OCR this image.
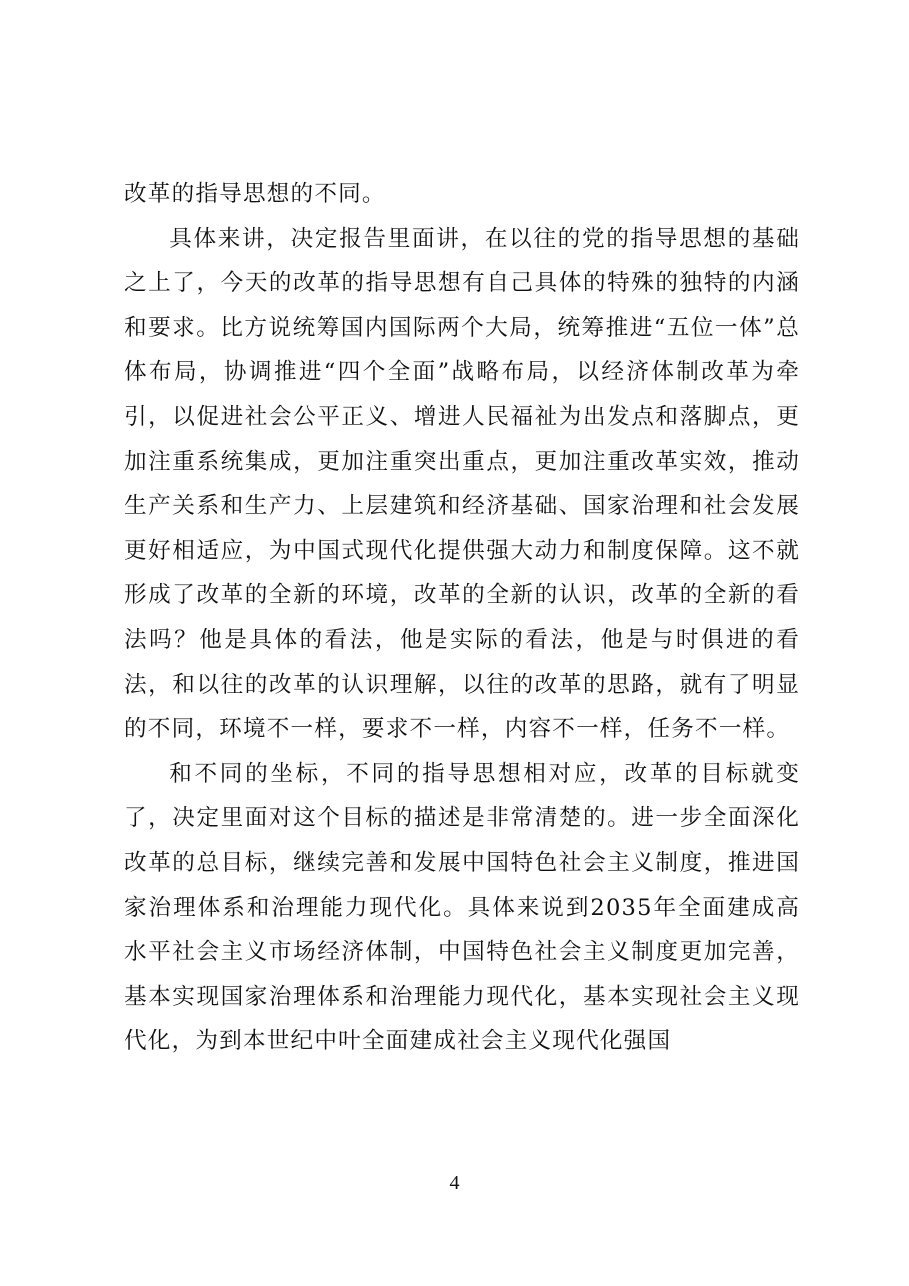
改革的指导思想的不同。

具体来讲，决定报告里面讲，在以往的党的指导思想的基础之上了，今天的改革的指导思想有自己具体的特殊的独特的内涵和要求。比方说统筹国内国际两个大局，统筹推进“五位一体”总体布局，协调推进“四个全面”战略布局，以经济体制改革为牵引，以促进社会公平正义、增进人民福祉为出发点和落脚点，更加注重系统集成，更加注重突出重点，更加注重改革实效，推动生产关系和生产力、上层建筑和经济基础、国家治理和社会发展更好相适应，为中国式现代化提供强大动力和制度保障。这不就形成了改革的全新的环境，改革的全新的认识，改革的全新的看法吗？他是具体的看法，他是实际的看法，他是与时俱进的看法，和以往的改革的认识理解，以往的改革的思路，就有了明显的不同，环境不一样，要求不一样，内容不一样，任务不一样。

和不同的坐标，不同的指导思想相对应，改革的目标就变了，决定里面对这个目标的描述是非常清楚的。进一步全面深化改革的总目标，继续完善和发展中国特色社会主义制度，推进国家治理体系和治理能力现代化。具体来说到2035年全面建成高水平社会主义市场经济体制，中国特色社会主义制度更加完善，基本实现国家治理体系和治理能力现代化，基本实现社会主义现代化，为到本世纪中叶全面建成社会主义现代化强国

4
